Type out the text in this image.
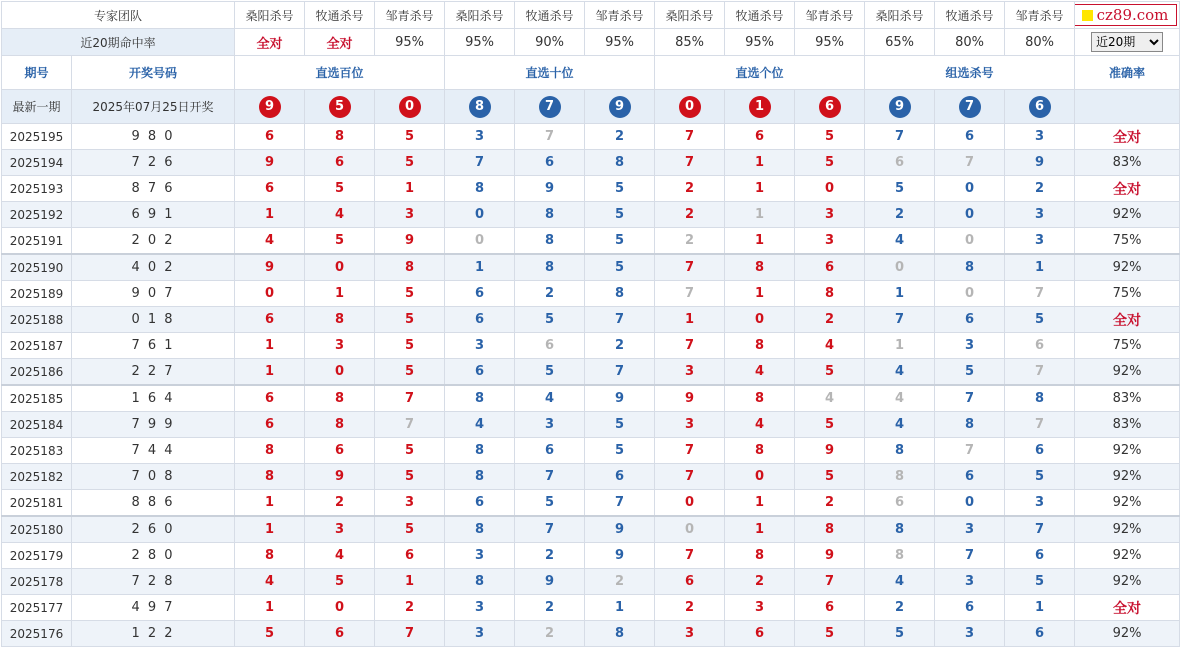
专家团队		桑阳杀号	牧通杀号	邹青杀号	桑阳杀号	牧通杀号	邹青杀号	桑阳杀号	牧通杀号	邹青杀号	桑阳杀号	牧通杀号	邹青杀号	cz89.com

近20期命中率		全对	全对	95%	95%	90%	95%	85%	95%	95%	65%	80%	80%	
近20期
期号	开奖号码	直选百位			直选十位			直选个位			组选杀号			准确率
最新一期	2025年07月25日开奖	9	5	0	8	7	9	0	1	6	9	7	6	
2025195	9 8 0	6	8	5	3	7	2	7	6	5	7	6	3	全对
2025194	7 2 6	9	6	5	7	6	8	7	1	5	6	7	9	83%
2025193	8 7 6	6	5	1	8	9	5	2	1	0	5	0	2	全对
2025192	6 9 1	1	4	3	0	8	5	2	1	3	2	0	3	92%
2025191	2 0 2	4	5	9	0	8	5	2	1	3	4	0	3	75%
2025190	4 0 2	9	0	8	1	8	5	7	8	6	0	8	1	92%
2025189	9 0 7	0	1	5	6	2	8	7	1	8	1	0	7	75%
2025188	0 1 8	6	8	5	6	5	7	1	0	2	7	6	5	全对
2025187	7 6 1	1	3	5	3	6	2	7	8	4	1	3	6	75%
2025186	2 2 7	1	0	5	6	5	7	3	4	5	4	5	7	92%
2025185	1 6 4	6	8	7	8	4	9	9	8	4	4	7	8	83%
2025184	7 9 9	6	8	7	4	3	5	3	4	5	4	8	7	83%
2025183	7 4 4	8	6	5	8	6	5	7	8	9	8	7	6	92%
2025182	7 0 8	8	9	5	8	7	6	7	0	5	8	6	5	92%
2025181	8 8 6	1	2	3	6	5	7	0	1	2	6	0	3	92%
2025180	2 6 0	1	3	5	8	7	9	0	1	8	8	3	7	92%
2025179	2 8 0	8	4	6	3	2	9	7	8	9	8	7	6	92%
2025178	7 2 8	4	5	1	8	9	2	6	2	7	4	3	5	92%
2025177	4 9 7	1	0	2	3	2	1	2	3	6	2	6	1	全对
2025176	1 2 2	5	6	7	3	2	8	3	6	5	5	3	6	92%
